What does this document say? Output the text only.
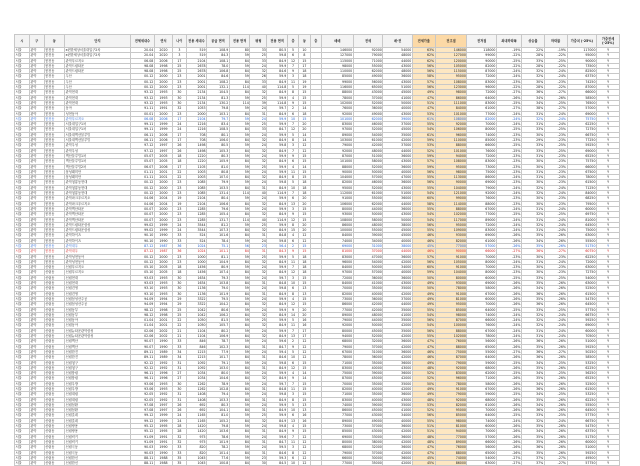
시	구	동	단지	전체세대수	연식	나이	전용 세대수	공급 면적	전용 면적	평형	전용 면적	층	동	층	매매	전세	매-전	전세가율	전고점	전저점	최대하락폭	상승률	하락률	가중치 (-25%)	가중전세 (-25%)
서울	관악	봉천동	e편한세상서울대입구2차	20.04	2020	3	519	108.9	80	33	80.5	5	10		146000	92000	54000	63%	146000	118000	-19%	22%	-19%	117000	Y
서울	관악	봉천동	e편한세상서울대입구2차	20.04	2020	3	519	84.3	59	25	59.8	6	8		127000	79000	48000	62%	127000	99000	-22%	28%	-22%	95000	Y
서울	관악	봉천동	관악푸르지오	06.08	2006	17	2104	108.1	84	33	84.9	12	15		115000	71000	44000	62%	120000	90000	-25%	33%	-25%	90000	Y
서울	관악	봉천동	관악드림타운	98.08	1998	25	2678	78.0	59	24	59.9	7	17		98000	55000	43000	56%	105000	82000	-22%	28%	-22%	73500	Y
서울	관악	봉천동	관악드림타운	98.08	1998	25	2678	106.8	84	32	84.6	9	18		110000	62000	48000	56%	115000	87000	-24%	32%	-24%	82500	Y
서울	관악	봉천동	두산	00.12	2000	23	2001	84.6	59	26	59.9	3	18		85000	49000	36000	58%	95000	72000	-24%	32%	-24%	63750	Y
서울	관악	봉천동	두산	00.12	2000	23	2001	108.2	84	33	84.9	11	19		99000	56000	43000	57%	108000	83000	-23%	30%	-23%	74250	Y
서울	관악	봉천동	두산	00.12	2000	23	2001	132.1	114	40	114.8	5	19		116000	65000	51000	56%	123000	96000	-22%	28%	-22%	87000	Y
서울	관악	봉천동	관악현대	93.12	1993	30	2134	104.5	84	32	84.9	8	15		88000	43000	45000	49%	98000	72000	-27%	36%	-27%	66000	Y
서울	관악	봉천동	관악현대	93.12	1993	30	2134	81.3	59	25	59.9	4	15		78000	37000	41000	47%	86000	64000	-26%	34%	-26%	58500	Y
서울	관악	봉천동	관악현대	93.12	1993	30	2134	130.2	114	39	114.8	9	15		102000	52000	50000	51%	111000	83000	-25%	34%	-25%	76500	Y
서울	관악	봉천동	동아	91.11	1991	32	1053	79.8	59	24	59.7	2	14		76000	36000	40000	47%	84000	61000	-27%	38%	-27%	57000	Y
서울	관악	봉천동	성현동아	00.01	2000	23	2000	103.1	84	31	84.9	6	18		92000	49000	43000	53%	101000	77000	-24%	31%	-24%	69000	Y
서울	관악	봉천동	관악푸르지오	06.08	2006	17	2104	79.7	59	24	59.9	10	15		101000	62000	39000	61%	108000	82000	-24%	32%	-24%	75750	Y
서울	관악	봉천동	서울대입구1차	99.11	1999	24	1216	83.4	59	25	59.9	7	20		83000	46000	37000	55%	92000	70000	-24%	31%	-24%	62250	Y
서울	관악	봉천동	서울대입구1차	99.11	1999	24	1216	108.5	84	33	84.7	12	20		97000	52000	45000	54%	106000	80000	-25%	33%	-25%	72750	Y
서울	관악	봉천동	서울대벽산블루밍	06.11	2006	17	708	80.1	59	24	59.9	5	14		89000	54000	35000	61%	96000	74000	-23%	30%	-23%	66750	Y
서울	관악	봉천동	서울대벽산블루밍	06.11	2006	17	708	106.0	84	32	84.9	8	14		103000	61000	42000	59%	110000	85000	-23%	29%	-23%	77250	Y
서울	관악	봉천동	관악우성	97.12	1997	26	1498	80.5	59	24	59.8	3	12		79000	42000	37000	53%	88000	66000	-25%	33%	-25%	59250	Y
서울	관악	봉천동	관악우성	97.12	1997	26	1498	105.3	84	32	84.9	7	12		92000	48000	44000	52%	101000	76000	-25%	33%	-25%	69000	Y
서울	관악	봉천동	벽산블루밍1차	05.07	2005	18	1220	80.3	59	24	59.9	9	15		87000	51000	36000	59%	94000	72000	-23%	31%	-23%	65250	Y
서울	관악	봉천동	벽산블루밍1차	05.07	2005	18	1220	105.9	84	32	84.9	6	15		101000	58000	43000	57%	108000	83000	-23%	30%	-23%	75750	Y
서울	관악	봉천동	벽산블루밍2차	06.07	2006	17	1105	81.0	59	25	59.9	4	14		88000	52000	36000	59%	95000	73000	-23%	30%	-23%	66000	Y
서울	관악	봉천동	삼성래미안	01.11	2001	22	1003	80.8	59	24	59.9	11	15		90000	50000	40000	56%	98000	75000	-23%	31%	-23%	67500	Y
서울	관악	봉천동	삼성래미안	01.11	2001	22	1003	107.0	84	32	84.9	8	15		104000	57000	47000	55%	113000	86000	-24%	31%	-24%	78000	Y
서울	관악	봉천동	관악청룡동현대	00.12	2000	23	1085	79.9	59	24	59.8	5	18		82000	46000	36000	56%	90000	69000	-23%	30%	-23%	61500	Y
서울	관악	봉천동	관악청룡동현대	00.12	2000	23	1085	103.5	84	31	84.9	10	18		95000	52000	43000	55%	104000	79000	-24%	32%	-24%	71250	Y
서울	관악	봉천동	관악청룡동현대	00.12	2000	23	1085	131.4	114	40	114.9	7	18		112000	61000	51000	54%	121000	92000	-24%	32%	-24%	84000	Y
서울	관악	봉천동	관악파크푸르지오	04.06	2004	19	2104	80.4	59	24	59.9	6	20		91000	55000	36000	60%	99000	76000	-23%	30%	-23%	68250	Y
서울	관악	봉천동	관악파크푸르지오	04.06	2004	19	2104	106.6	84	32	84.9	13	20		106000	62000	44000	58%	114000	88000	-23%	30%	-23%	79500	Y
서울	관악	봉천동	관악벽산타운	00.07	2000	23	1285	79.6	59	24	59.9	3	15		80000	44000	36000	55%	88000	67000	-24%	31%	-24%	60000	Y
서울	관악	봉천동	관악벽산타운	00.07	2000	23	1285	105.4	84	32	84.9	9	15		93000	50000	43000	54%	102000	77000	-25%	32%	-25%	69750	Y
서울	관악	봉천동	관악벽산타운	00.07	2000	23	1285	131.7	114	40	114.9	12	15		108000	58000	50000	54%	117000	89000	-24%	31%	-24%	81000	Y
서울	관악	봉천동	관악드림타운삼성	99.02	1999	24	3544	81.2	59	25	59.9	8	20		86000	48000	38000	56%	95000	72000	-24%	32%	-24%	64500	Y
서울	관악	봉천동	관악드림타운삼성	99.02	1999	24	3544	107.3	84	32	84.9	15	20		100000	55000	45000	55%	109000	83000	-24%	31%	-24%	75000	Y
서울	관악	봉천동	관악하이츠	90.10	1990	33	524	101.6	84	31	84.8	4	12		84000	39000	45000	46%	93000	69000	-26%	35%	-26%	63000	Y
서울	관악	봉천동	관악하이츠	90.10	1990	33	524	78.4	59	24	59.8	6	12		74000	34000	40000	46%	82000	61000	-26%	34%	-26%	55500	Y
서울	관악	봉천동	관악대우	87.12	1987	36	1024	75.1	56	23	56.4	2	15		69000	31000	38000	45%	77000	57000	-26%	35%	-26%	51750	Y
서울	관악	봉천동	관악대우	87.12	1987	36	1024	101.1	84	31	84.3	9	15		81000	37000	44000	46%	90000	66000	-27%	36%	-27%	60750	Y
서울	관악	봉천동	관악성현동아	00.12	2000	23	1000	81.1	59	25	59.9	5	18		83000	47000	36000	57%	91000	70000	-23%	30%	-23%	62250	Y
서울	관악	봉천동	관악성현동아	00.12	2000	23	1000	104.9	84	32	84.9	11	18		96000	54000	42000	56%	105000	80000	-24%	31%	-24%	72000	Y
서울	관악	신림동	신림푸르지오	05.10	2005	18	1456	80.9	59	24	59.9	7	18		84000	50000	34000	60%	91000	70000	-23%	30%	-23%	63000	Y
서울	관악	신림동	신림푸르지오	05.10	2005	18	1456	107.4	84	32	84.9	12	18		97000	57000	40000	59%	104000	80000	-23%	30%	-23%	72750	Y
서울	관악	신림동	신림현대	93.03	1993	30	1634	79.3	59	24	59.7	3	15		72000	36000	36000	50%	80000	60000	-25%	33%	-25%	54000	Y
서울	관악	신림동	신림현대	93.03	1993	30	1634	103.8	84	31	84.8	10	15		84000	41000	43000	49%	93000	69000	-26%	35%	-26%	63000	Y
서울	관악	신림동	신림건영	93.10	1993	30	1136	79.0	59	24	59.8	6	13		70000	35000	35000	50%	78000	58000	-26%	34%	-26%	52500	Y
서울	관악	신림동	신림건영	93.10	1993	30	1136	101.9	84	31	84.9	8	13		82000	40000	42000	49%	91000	67000	-26%	36%	-26%	61500	Y
서울	관악	신림동	신림삼성산주공	94.09	1994	29	3322	79.5	59	24	59.9	4	15		73000	36000	37000	49%	81000	60000	-26%	35%	-26%	54750	Y
서울	관악	신림동	신림삼성산주공	94.09	1994	29	3322	104.2	84	32	84.9	12	15		86000	42000	44000	49%	95000	70000	-26%	36%	-26%	64500	Y
서울	관악	신림동	신림동부	98.12	1998	25	1042	80.6	59	24	59.9	9	20		77000	42000	35000	55%	85000	64000	-25%	33%	-25%	57750	Y
서울	관악	신림동	신림동부	98.12	1998	25	1042	106.2	84	32	84.9	14	20		89000	48000	41000	54%	98000	74000	-24%	32%	-24%	66750	Y
서울	관악	신림동	신림동아	01.04	2001	22	1050	81.5	59	25	59.9	5	16		79000	44000	35000	56%	87000	66000	-24%	32%	-24%	59250	Y
서울	관악	신림동	신림동아	01.04	2001	22	1050	105.7	84	32	84.9	11	16		92000	50000	42000	54%	100000	76000	-24%	32%	-24%	69000	Y
서울	관악	신림동	신림뉴타운관악삼성	02.06	2002	21	1104	80.2	59	24	59.9	7	17		80000	45000	35000	56%	88000	67000	-24%	31%	-24%	60000	Y
서울	관악	신림동	신림뉴타운관악삼성	02.06	2002	21	1104	106.9	84	32	84.9	13	17		94000	52000	42000	55%	102000	78000	-24%	31%	-24%	70500	Y
서울	관악	신림동	신림벽산	90.07	1990	33	846	78.7	59	24	59.6	2	12		68000	32000	36000	47%	76000	56000	-26%	36%	-26%	51000	Y
서울	관악	신림동	신림벽산	90.07	1990	33	846	102.3	84	31	84.7	9	12		79000	37000	42000	47%	88000	65000	-26%	35%	-26%	59250	Y
서울	관악	신림동	신림한진	89.11	1989	34	1215	77.9	59	24	59.4	5	12		67000	31000	36000	46%	75000	55000	-27%	36%	-27%	50250	Y
서울	관악	신림동	신림한진	89.11	1989	34	1215	101.7	84	31	84.6	10	12		78000	36000	42000	46%	87000	64000	-26%	36%	-26%	58500	Y
서울	관악	신림동	신림청구	92.12	1992	31	1092	79.1	59	24	59.8	6	15		71000	35000	36000	49%	79000	59000	-25%	34%	-25%	53250	Y
서울	관악	신림동	신림청구	92.12	1992	31	1092	103.0	84	31	84.9	12	15		83000	40000	43000	48%	92000	68000	-26%	35%	-26%	62250	Y
서울	관악	신림동	신림풍림	96.11	1996	27	1034	80.0	59	24	59.9	4	14		75000	39000	36000	52%	83000	62000	-25%	34%	-25%	56250	Y
서울	관악	신림동	신림풍림	96.11	1996	27	1034	104.6	84	32	84.9	9	14		87000	45000	42000	52%	96000	71000	-26%	35%	-26%	65250	Y
서울	관악	신림동	신림우방	93.06	1993	30	1262	78.9	59	24	59.7	7	15		70000	35000	35000	50%	78000	58000	-26%	34%	-26%	52500	Y
서울	관악	신림동	신림우방	93.06	1993	30	1262	102.8	84	31	84.8	11	15		82000	40000	42000	49%	91000	67000	-26%	36%	-26%	61500	Y
서울	관악	신림동	신림대림	92.05	1992	31	1408	79.4	59	24	59.8	3	15		71000	35000	36000	49%	79000	59000	-25%	34%	-25%	53250	Y
서울	관악	신림동	신림대림	92.05	1992	31	1408	103.3	84	31	84.9	8	15		83000	40000	43000	48%	92000	68000	-26%	35%	-26%	62250	Y
서울	관악	신림동	신림삼환	97.08	1997	26	692	80.3	59	24	59.9	5	13		74000	39000	35000	53%	82000	61000	-26%	34%	-26%	55500	Y
서울	관악	신림동	신림삼환	97.08	1997	26	692	104.1	84	31	84.9	10	13		86000	45000	41000	52%	95000	70000	-26%	36%	-26%	64500	Y
서울	관악	신림동	신림롯데	99.12	1999	24	1165	81.0	59	25	59.9	6	16		77000	43000	34000	56%	85000	64000	-25%	33%	-25%	57750	Y
서울	관악	신림동	신림롯데	99.12	1999	24	1165	105.2	84	32	84.9	13	16		89000	49000	40000	55%	98000	74000	-24%	32%	-24%	66750	Y
서울	관악	신림동	신림쌍용	95.12	1995	28	1420	79.8	59	24	59.8	4	15		73000	37000	36000	51%	81000	60000	-26%	35%	-26%	54750	Y
서울	관악	신림동	신림쌍용	95.12	1995	28	1420	103.6	84	31	84.9	9	15		85000	43000	42000	51%	94000	70000	-26%	34%	-26%	63750	Y
서울	관악	신림동	신림럭키	91.09	1991	32	975	78.6	59	24	59.6	7	12		69000	33000	36000	48%	77000	57000	-26%	35%	-26%	51750	Y
서울	관악	신림동	신림럭키	91.09	1991	32	975	101.9	84	31	84.7	11	12		80000	38000	42000	48%	89000	66000	-26%	35%	-26%	60000	Y
서울	관악	신림동	신림극동	90.03	1990	33	820	78.2	59	24	59.5	3	12		68000	32000	36000	47%	76000	56000	-26%	36%	-26%	51000	Y
서울	관악	신림동	신림극동	90.03	1990	33	820	101.4	84	31	84.6	8	12		79000	37000	42000	47%	88000	65000	-26%	35%	-26%	59250	Y
서울	관악	신림동	신림한신	88.11	1988	35	1045	77.6	59	23	59.3	6	12		66000	30000	36000	45%	74000	54000	-27%	37%	-27%	49500	Y
서울	관악	신림동	신림한신	88.11	1988	35	1045	100.8	84	30	84.5	10	12		77000	35000	42000	45%	86000	63000	-27%	37%	-27%	57750	Y
